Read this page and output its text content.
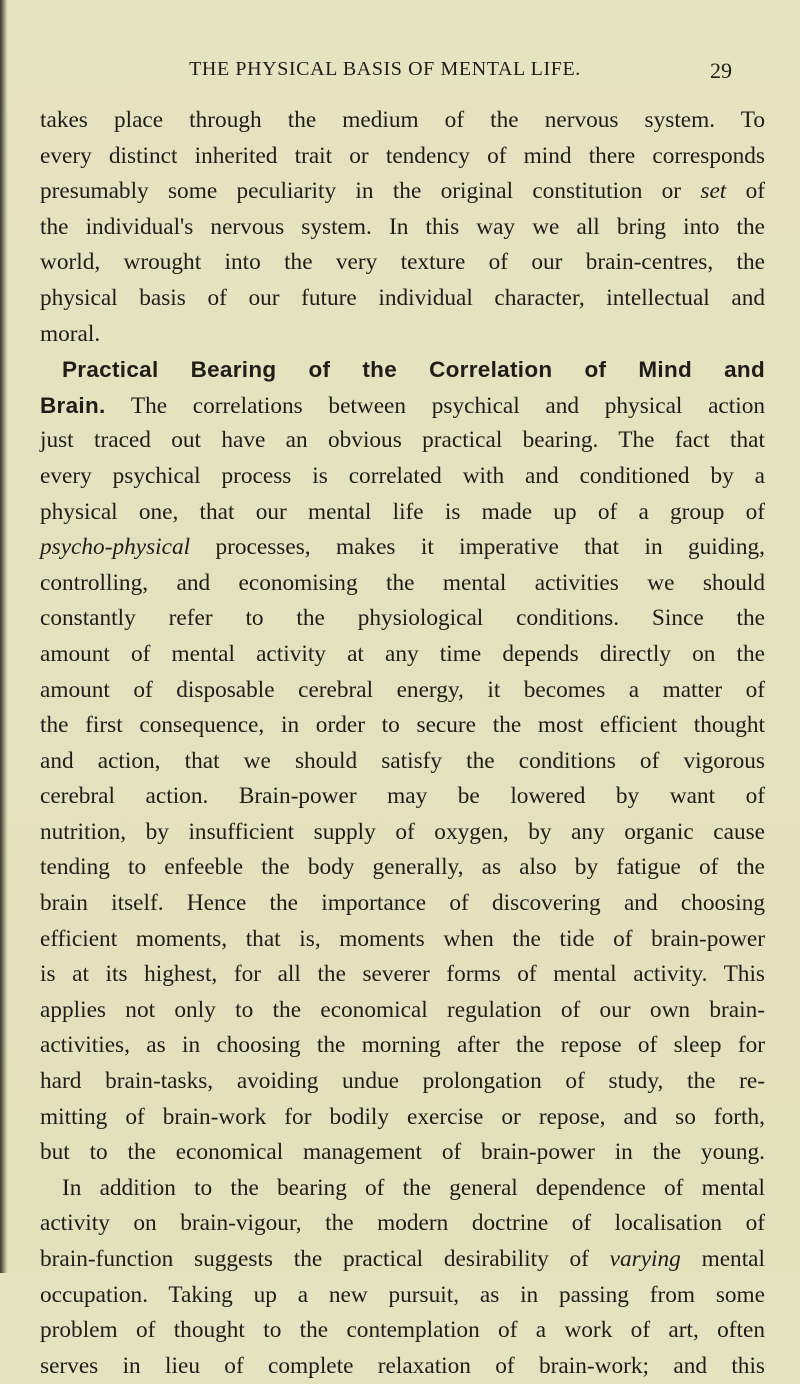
THE PHYSICAL BASIS OF MENTAL LIFE.	29
takes place through the medium of the nervous system. To
every distinct inherited trait or tendency of mind there corresponds
presumably some peculiarity in the original constitution or set of
the individual's nervous system. In this way we all bring into the
world, wrought into the very texture of our brain-centres, the
physical basis of our future individual character, intellectual and
moral.
Practical Bearing of the Correlation of Mind and
Brain. The correlations between psychical and physical action
just traced out have an obvious practical bearing. The fact that
every psychical process is correlated with and conditioned by a
physical one, that our mental life is made up of a group of
psycho-physical processes, makes it imperative that in guiding,
controlling, and economising the mental activities we should
constantly refer to the physiological conditions. Since the
amount of mental activity at any time depends directly on the
amount of disposable cerebral energy, it becomes a matter of
the first consequence, in order to secure the most efficient thought
and action, that we should satisfy the conditions of vigorous
cerebral action. Brain-power may be lowered by want of
nutrition, by insufficient supply of oxygen, by any organic cause
tending to enfeeble the body generally, as also by fatigue of the
brain itself. Hence the importance of discovering and choosing
efficient moments, that is, moments when the tide of brain-power
is at its highest, for all the severer forms of mental activity. This
applies not only to the economical regulation of our own brain-
activities, as in choosing the morning after the repose of sleep for
hard brain-tasks, avoiding undue prolongation of study, the re-
mitting of brain-work for bodily exercise or repose, and so forth,
but to the economical management of brain-power in the young.
In addition to the bearing of the general dependence of mental
activity on brain-vigour, the modern doctrine of localisation of
brain-function suggests the practical desirability of varying mental
occupation. Taking up a new pursuit, as in passing from some
problem of thought to the contemplation of a work of art, often
serves in lieu of complete relaxation of brain-work; and this
